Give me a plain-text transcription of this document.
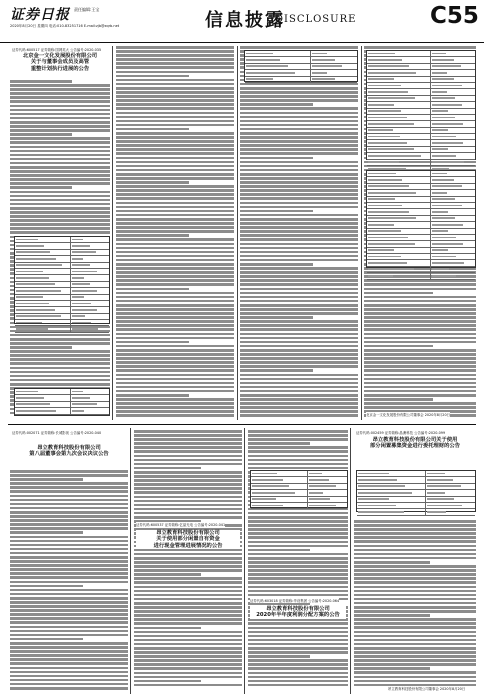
证券日报 责任编辑:王宝
2020年8月20日 星期四 电话:010-83251716 E-mail:zjb@zqrb.net	信息披露
DISCLOSURE	C55
证券代码:600517 证券简称:国网英大 公告编号:2020-035
北京金一文化发展股份有限公司
关于与董事会成员及高管
重整计划执行进展的公告
证券代码:002071 证券简称:长城影视 公告编号:2020-040
昂立教育科技股份有限公司
第八届董事会第九次会议决议公告
证券代码:600537 证券简称:亿晶光电 公告编号:2020-041
昂立教育科技股份有限公司
关于使用部分闲置自有资金
进行现金管理进展情况的公告
证券代码:603018 证券简称:华设集团 公告编号:2020-064
昂立教育科技股份有限公司
2020年半年度利润分配方案的公告
证券代码:002459 证券简称:晶澳科技 公告编号:2020-099
昂立教育科技股份有限公司关于使用
部分闲置募集资金进行委托理财的公告
北京金一文化发展股份有限公司董事会 2020年8月20日
昂立教育科技股份有限公司董事会 2020年8月20日
